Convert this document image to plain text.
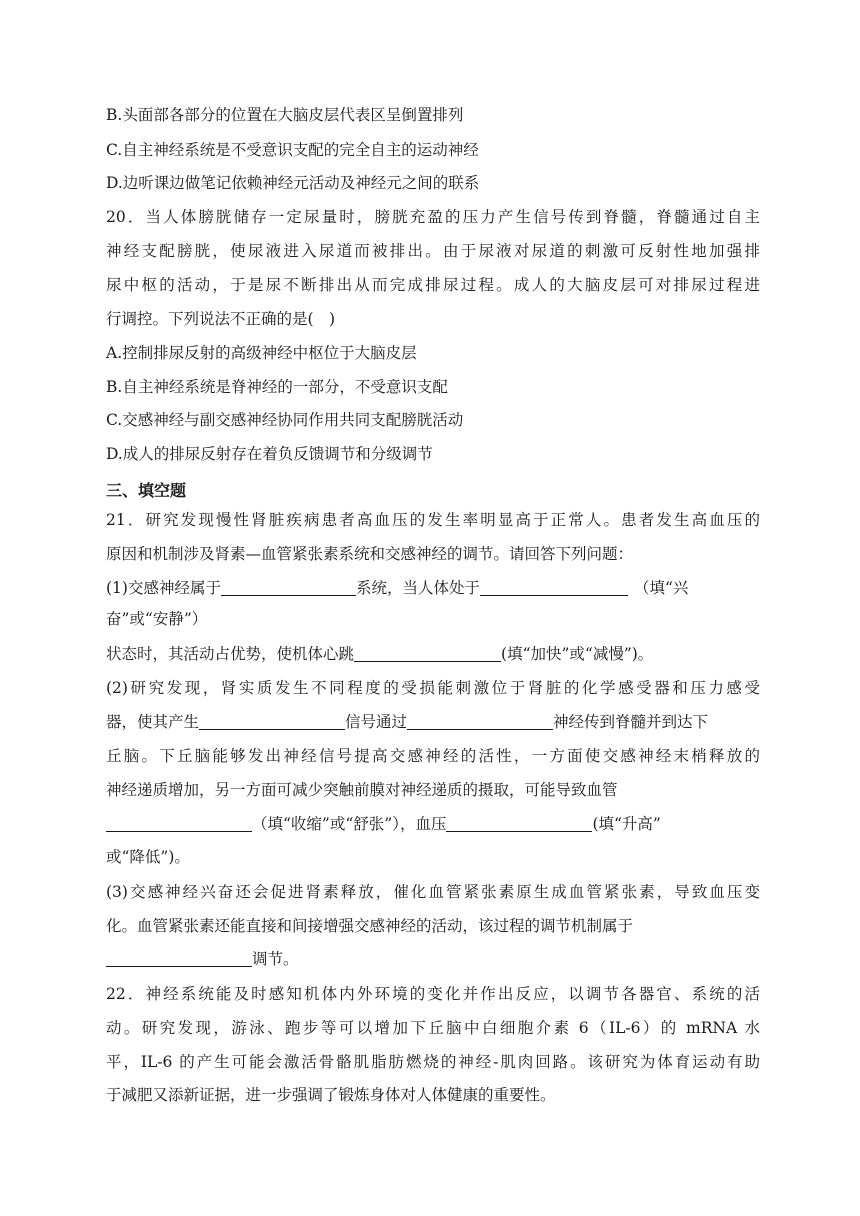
B.头面部各部分的位置在大脑皮层代表区呈倒置排列
C.自主神经系统是不受意识支配的完全自主的运动神经
D.边听课边做笔记依赖神经元活动及神经元之间的联系
20．当人体膀胱储存一定尿量时，膀胱充盈的压力产生信号传到脊髓，脊髓通过自主
神经支配膀胱，使尿液进入尿道而被排出。由于尿液对尿道的刺激可反射性地加强排
尿中枢的活动，于是尿不断排出从而完成排尿过程。成人的大脑皮层可对排尿过程进
行调控。下列说法不正确的是(　)
A.控制排尿反射的高级神经中枢位于大脑皮层
B.自主神经系统是脊神经的一部分，不受意识支配
C.交感神经与副交感神经协同作用共同支配膀胱活动
D.成人的排尿反射存在着负反馈调节和分级调节
三、填空题
21．研究发现慢性肾脏疾病患者高血压的发生率明显高于正常人。患者发生高血压的
原因和机制涉及肾素—血管紧张素系统和交感神经的调节。请回答下列问题：
(1)交感神经属于	系统，当人体处于	（填“兴
奋”或“安静”）
状态时，其活动占优势，使机体心跳	(填“加快”或“减慢”)。
(2)研究发现，肾实质发生不同程度的受损能刺激位于肾脏的化学感受器和压力感受
器，使其产生	信号通过	神经传到脊髓并到达下
丘脑。下丘脑能够发出神经信号提高交感神经的活性，一方面使交感神经末梢释放的
神经递质增加，另一方面可减少突触前膜对神经递质的摄取，可能导致血管
（填“收缩”或“舒张”），血压	(填“升高”
或“降低”)。
(3)交感神经兴奋还会促进肾素释放，催化血管紧张素原生成血管紧张素，导致血压变
化。血管紧张素还能直接和间接增强交感神经的活动，该过程的调节机制属于
调节。
22．神经系统能及时感知机体内外环境的变化并作出反应，以调节各器官、系统的活
动。研究发现，游泳、跑步等可以增加下丘脑中白细胞介素 6（IL-6）的 mRNA 水
平，IL-6 的产生可能会激活骨骼肌脂肪燃烧的神经-肌肉回路。该研究为体育运动有助
于减肥又添新证据，进一步强调了锻炼身体对人体健康的重要性。
